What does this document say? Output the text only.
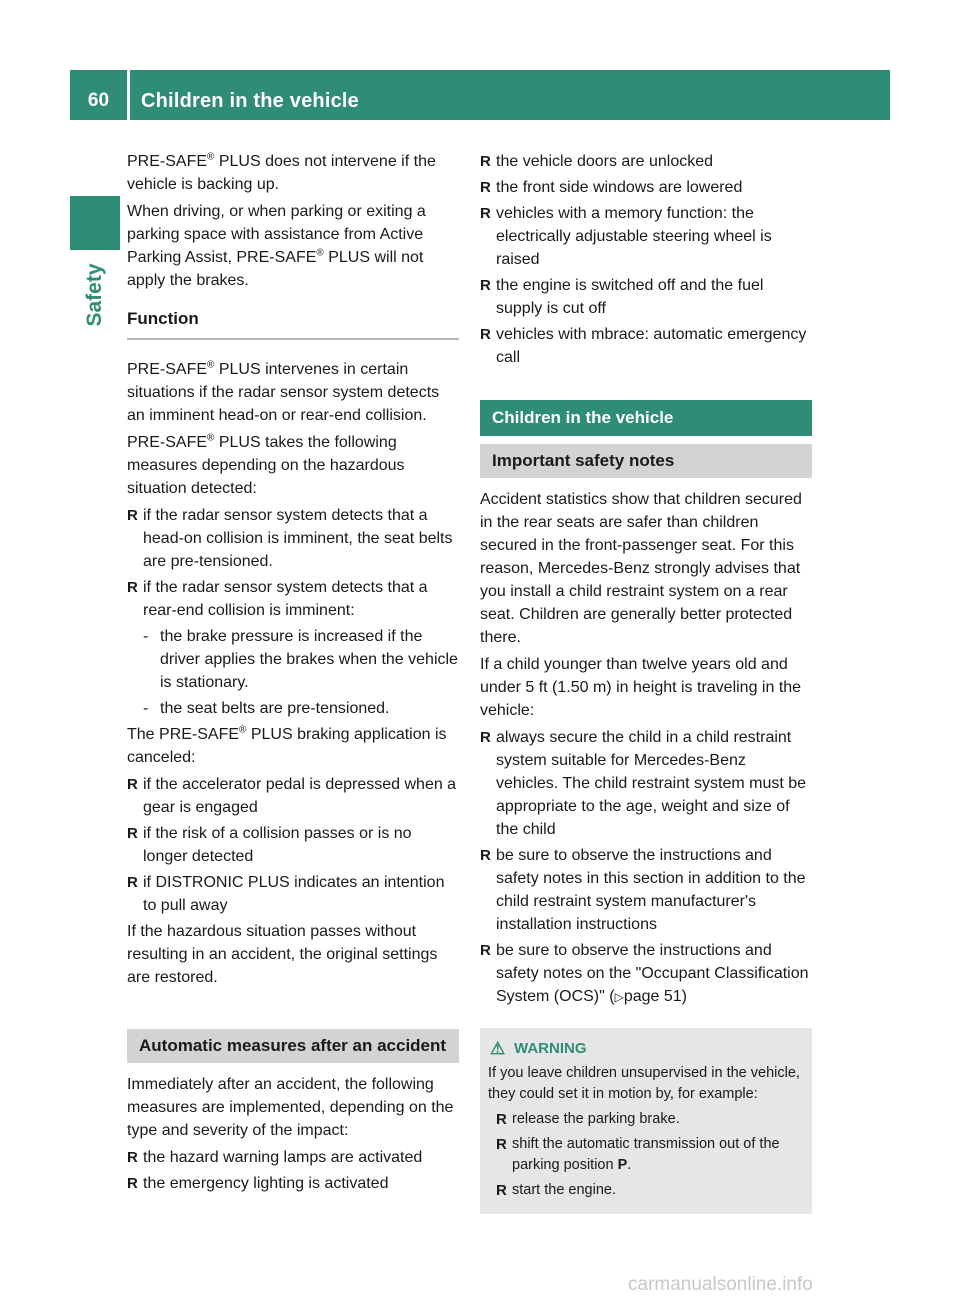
60	Children in the vehicle
Safety

PRE-SAFE® PLUS does not intervene if the vehicle is backing up.

When driving, or when parking or exiting a parking space with assistance from Active Parking Assist, PRE-SAFE® PLUS will not apply the brakes.

Function

PRE-SAFE® PLUS intervenes in certain situations if the radar sensor system detects an imminent head-on or rear-end collision.

PRE-SAFE® PLUS takes the following measures depending on the hazardous situation detected:

R if the radar sensor system detects that a head-on collision is imminent, the seat belts are pre-tensioned.
R if the radar sensor system detects that a rear-end collision is imminent:
- the brake pressure is increased if the driver applies the brakes when the vehicle is stationary.
- the seat belts are pre-tensioned.

The PRE-SAFE® PLUS braking application is canceled:

R if the accelerator pedal is depressed when a gear is engaged
R if the risk of a collision passes or is no longer detected
R if DISTRONIC PLUS indicates an intention to pull away

If the hazardous situation passes without resulting in an accident, the original settings are restored.

Automatic measures after an accident

Immediately after an accident, the following measures are implemented, depending on the type and severity of the impact:

R the hazard warning lamps are activated
R the emergency lighting is activated
R the vehicle doors are unlocked
R the front side windows are lowered
R vehicles with a memory function: the electrically adjustable steering wheel is raised
R the engine is switched off and the fuel supply is cut off
R vehicles with mbrace: automatic emergency call
Children in the vehicle
Important safety notes

Accident statistics show that children secured in the rear seats are safer than children secured in the front-passenger seat. For this reason, Mercedes-Benz strongly advises that you install a child restraint system on a rear seat. Children are generally better protected there.

If a child younger than twelve years old and under 5 ft (1.50 m) in height is traveling in the vehicle:

R always secure the child in a child restraint system suitable for Mercedes-Benz vehicles. The child restraint system must be appropriate to the age, weight and size of the child
R be sure to observe the instructions and safety notes in this section in addition to the child restraint system manufacturer's installation instructions
R be sure to observe the instructions and safety notes on the "Occupant Classification System (OCS)" (▷page 51)
⚠ WARNING

If you leave children unsupervised in the vehicle, they could set it in motion by, for example:

R release the parking brake.
R shift the automatic transmission out of the parking position P.
R start the engine.
carmanualsonline.info
